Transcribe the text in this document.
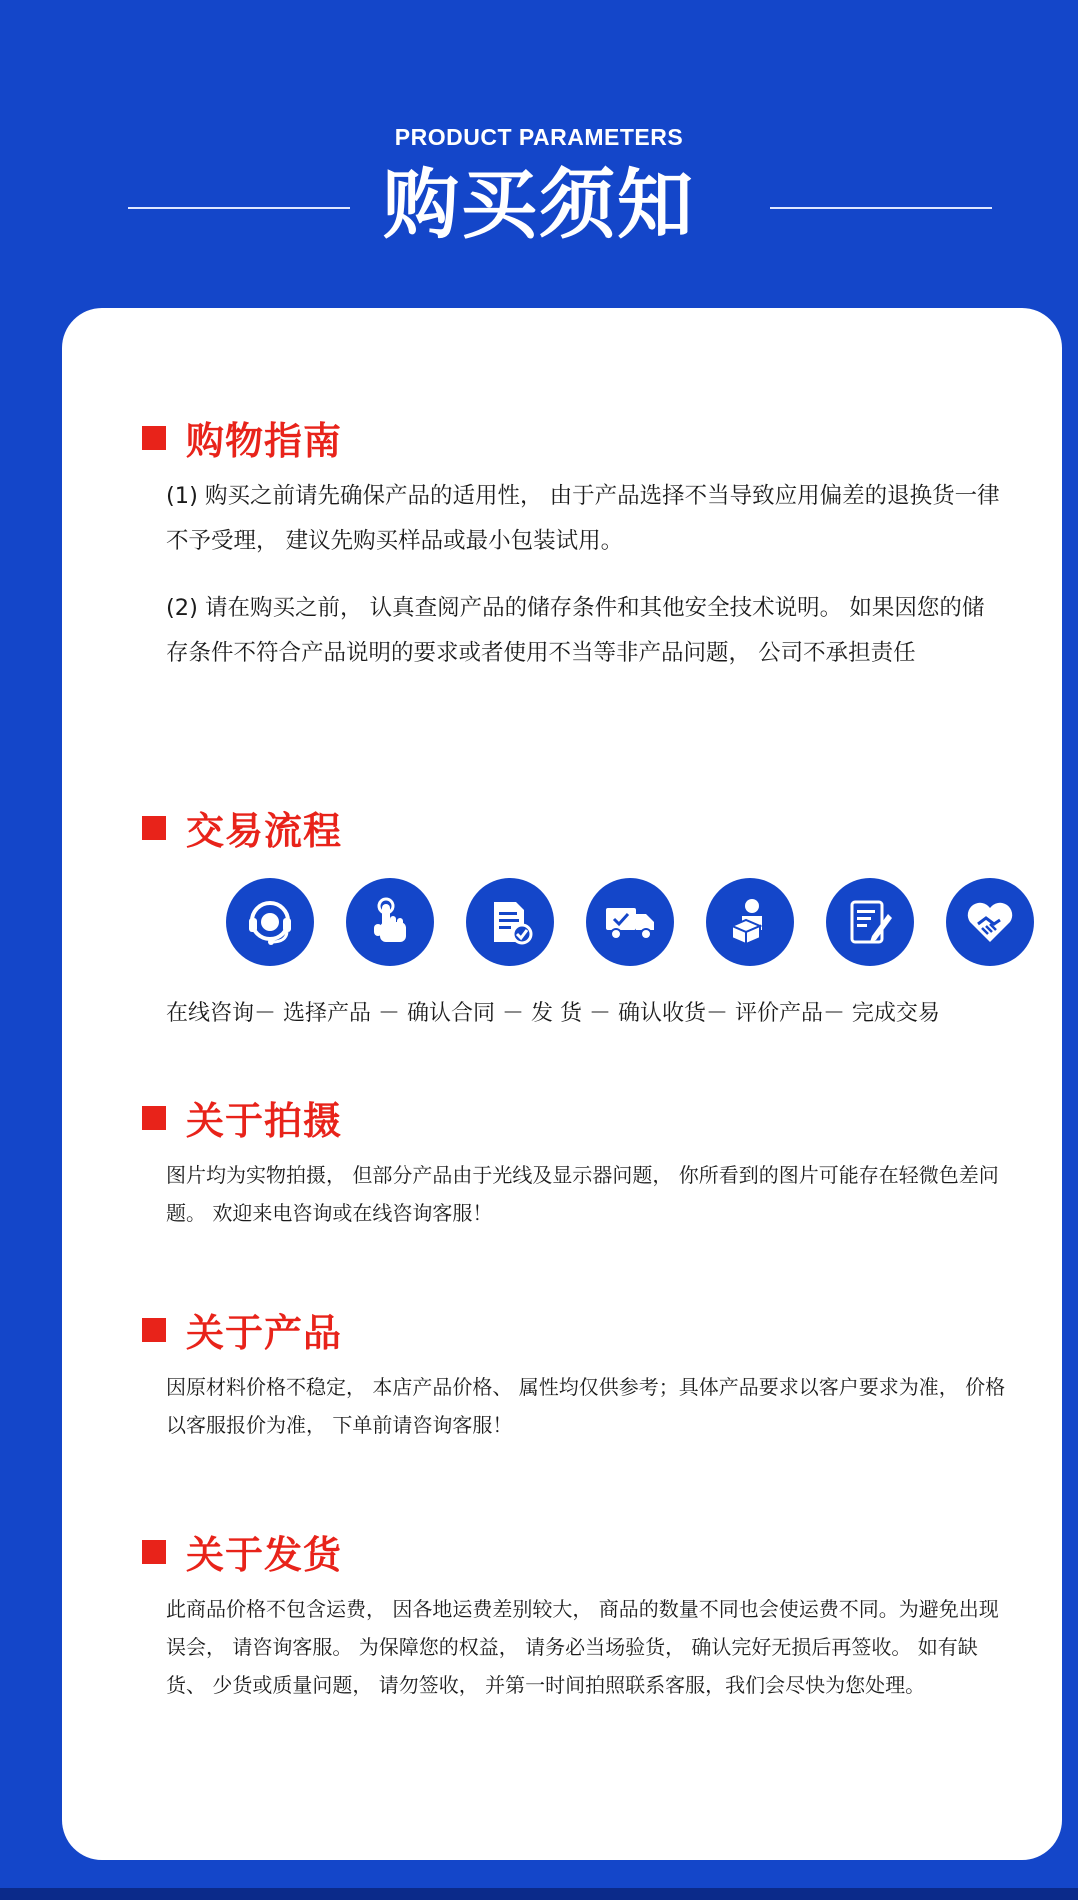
PRODUCT PARAMETERS
购买须知
购物指南
(1) 购买之前请先确保产品的适用性， 由于产品选择不当导致应用偏差的退换货一律不予受理， 建议先购买样品或最小包装试用。
(2) 请在购买之前， 认真查阅产品的储存条件和其他安全技术说明。 如果因您的储存条件不符合产品说明的要求或者使用不当等非产品问题， 公司不承担责任
交易流程
在线咨询－ 选择产品 － 确认合同 － 发 货 － 确认收货－ 评价产品－ 完成交易
关于拍摄
图片均为实物拍摄， 但部分产品由于光线及显示器问题， 你所看到的图片可能存在轻微色差问题。 欢迎来电咨询或在线咨询客服！
关于产品
因原材料价格不稳定， 本店产品价格、 属性均仅供参考；具体产品要求以客户要求为准， 价格以客服报价为准， 下单前请咨询客服！
关于发货
此商品价格不包含运费， 因各地运费差别较大， 商品的数量不同也会使运费不同。为避免出现误会， 请咨询客服。 为保障您的权益， 请务必当场验货， 确认完好无损后再签收。 如有缺货、 少货或质量问题， 请勿签收， 并第一时间拍照联系客服，我们会尽快为您处理。
